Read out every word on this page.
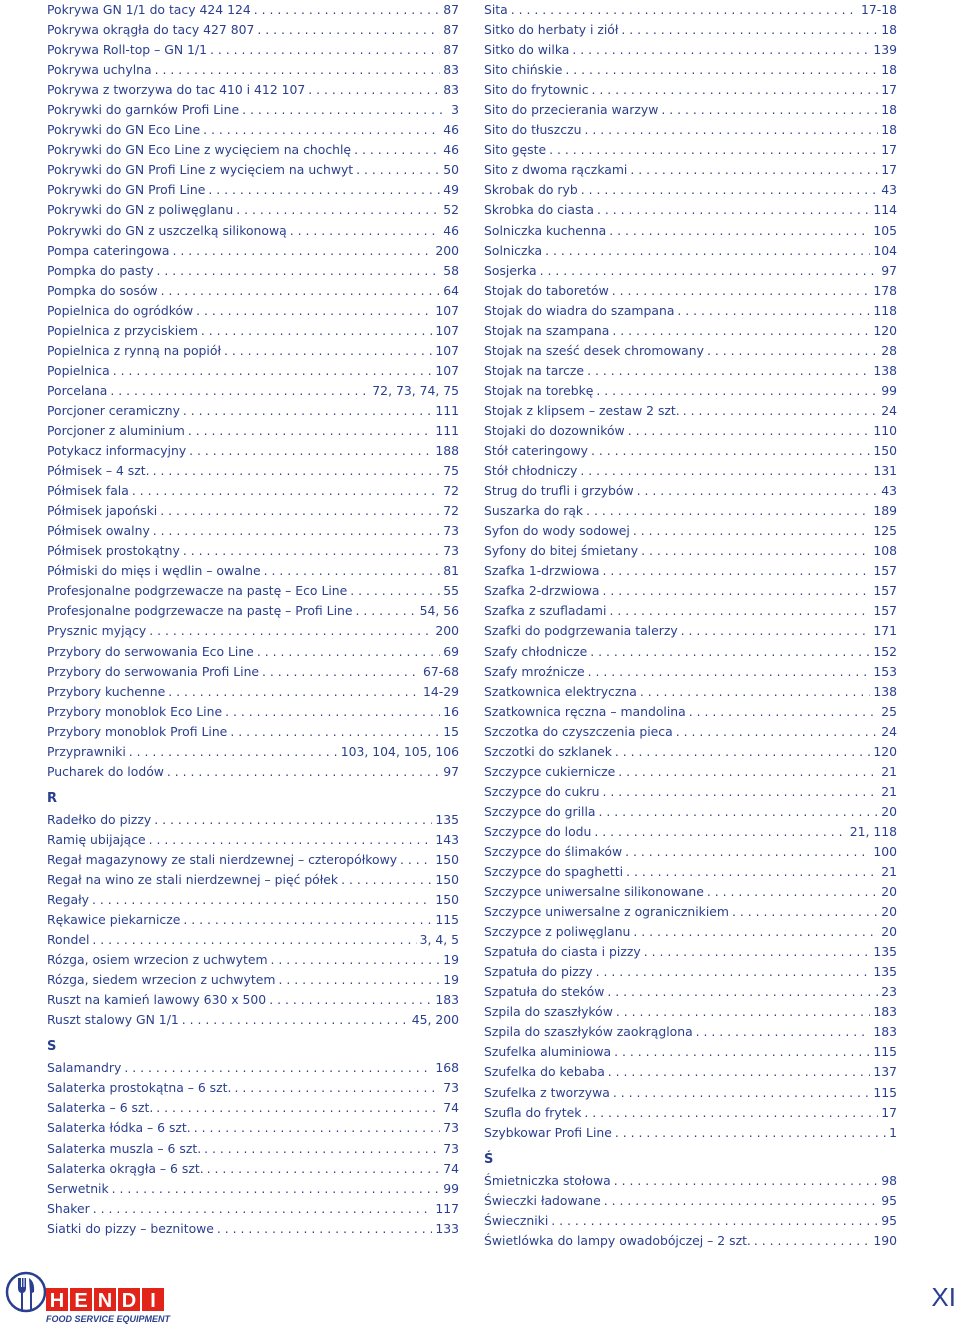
Pokrywa GN 1/1 do tacy 424 124 . . .	87
Pokrywa okrągła do tacy 427 807 . . .	87
Pokrywa Roll-top – GN 1/1 . . .	87
Pokrywa uchylna . . .	83
Pokrywa z tworzywa do tac 410 i 412 107 . . .	83
Pokrywki do garnków Profi Line . . .	3
Pokrywki do GN Eco Line . . .	46
Pokrywki do GN Eco Line z wycięciem na chochlę . . .	46
Pokrywki do GN Profi Line z wycięciem na uchwyt . . .	50
Pokrywki do GN Profi Line . . .	49
Pokrywki do GN z poliwęglanu . . .	52
Pokrywki do GN z uszczelką silikonową . . .	46
Pompa cateringowa . . .	200
Pompka do pasty . . .	58
Pompka do sosów . . .	64
Popielnica do ogródków . . .	107
Popielnica z przyciskiem . . .	107
Popielnica z rynną na popiół . . .	107
Popielnica . . .	107
Porcelana . . .	72, 73, 74, 75
Porcjoner ceramiczny . . .	111
Porcjoner z aluminium . . .	111
Potykacz informacyjny . . .	188
Półmisek – 4 szt. . . .	75
Półmisek fala . . .	72
Półmisek japoński . . .	72
Półmisek owalny . . .	73
Półmisek prostokątny . . .	73
Półmiski do mięs i wędlin – owalne . . .	81
Profesjonalne podgrzewacze na pastę – Eco Line . . .	55
Profesjonalne podgrzewacze na pastę – Profi Line . . .	54, 56
Prysznic myjący . . .	200
Przybory do serwowania Eco Line . . .	69
Przybory do serwowania Profi Line . . .	67-68
Przybory kuchenne . . .	14-29
Przybory monoblok Eco Line . . .	16
Przybory monoblok Profi Line . . .	15
Przyprawniki . . .	103, 104, 105, 106
Pucharek do lodów . . .	97
R
Radełko do pizzy . . .	135
Ramię ubijające . . .	143
Regał magazynowy ze stali nierdzewnej – czteropółkowy . . .	150
Regał na wino ze stali nierdzewnej – pięć półek . . .	150
Regały . . .	150
Rękawice piekarnicze . . .	115
Rondel . . .	3, 4, 5
Rózga, osiem wrzecion z uchwytem . . .	19
Rózga, siedem wrzecion z uchwytem . . .	19
Ruszt na kamień lawowy 630 x 500 . . .	183
Ruszt stalowy GN 1/1 . . .	45, 200
S
Salamandry . . .	168
Salaterka prostokątna – 6 szt. . . .	73
Salaterka – 6 szt. . . .	74
Salaterka łódka – 6 szt. . . .	73
Salaterka muszla – 6 szt. . . .	73
Salaterka okrągła – 6 szt. . . .	74
Serwetnik . . .	99
Shaker . . .	117
Siatki do pizzy – beznitowe . . .	133
Sita . . .	17-18
Sitko do herbaty i ziół . . .	18
Sitko do wilka . . .	139
Sito chińskie . . .	18
Sito do frytownic . . .	17
Sito do przecierania warzyw . . .	18
Sito do tłuszczu . . .	18
Sito gęste . . .	17
Sito z dwoma rączkami . . .	17
Skrobak do ryb . . .	43
Skrobka do ciasta . . .	114
Solniczka kuchenna . . .	105
Solniczka . . .	104
Sosjerka . . .	97
Stojak do taboretów . . .	178
Stojak do wiadra do szampana . . .	118
Stojak na szampana . . .	120
Stojak na sześć desek chromowany . . .	28
Stojak na tarcze . . .	138
Stojak na torebkę . . .	99
Stojak z klipsem – zestaw 2 szt. . . .	24
Stojaki do dozowników . . .	110
Stół cateringowy . . .	150
Stół chłodniczy . . .	131
Strug do trufli i grzybów . . .	43
Suszarka do rąk . . .	189
Syfon do wody sodowej . . .	125
Syfony do bitej śmietany . . .	108
Szafka 1-drzwiowa . . .	157
Szafka 2-drzwiowa . . .	157
Szafka z szufladami . . .	157
Szafki do podgrzewania talerzy . . .	171
Szafy chłodnicze . . .	152
Szafy mroźnicze . . .	153
Szatkownica elektryczna . . .	138
Szatkownica ręczna – mandolina . . .	25
Szczotka do czyszczenia pieca . . .	24
Szczotki do szklanek . . .	120
Szczypce cukiernicze . . .	21
Szczypce do cukru . . .	21
Szczypce do grilla . . .	20
Szczypce do lodu . . .	21, 118
Szczypce do ślimaków . . .	100
Szczypce do spaghetti . . .	21
Szczypce uniwersalne silikonowane . . .	20
Szczypce uniwersalne z ogranicznikiem . . .	20
Szczypce z poliwęglanu . . .	20
Szpatuła do ciasta i pizzy . . .	135
Szpatuła do pizzy . . .	135
Szpatuła do steków . . .	23
Szpila do szaszłyków . . .	183
Szpila do szaszłyków zaokrąglona . . .	183
Szufelka aluminiowa . . .	115
Szufelka do kebaba . . .	137
Szufelka z tworzywa . . .	115
Szufla do frytek . . .	17
Szybkowar Profi Line . . .	1
Ś
Śmietniczka stołowa . . .	98
Świeczki ładowane . . .	95
Świeczniki . . .	95
Świetlówka do lampy owadobójczej – 2 szt. . . .	190
H E N D I
FOOD SERVICE EQUIPMENT
XI
